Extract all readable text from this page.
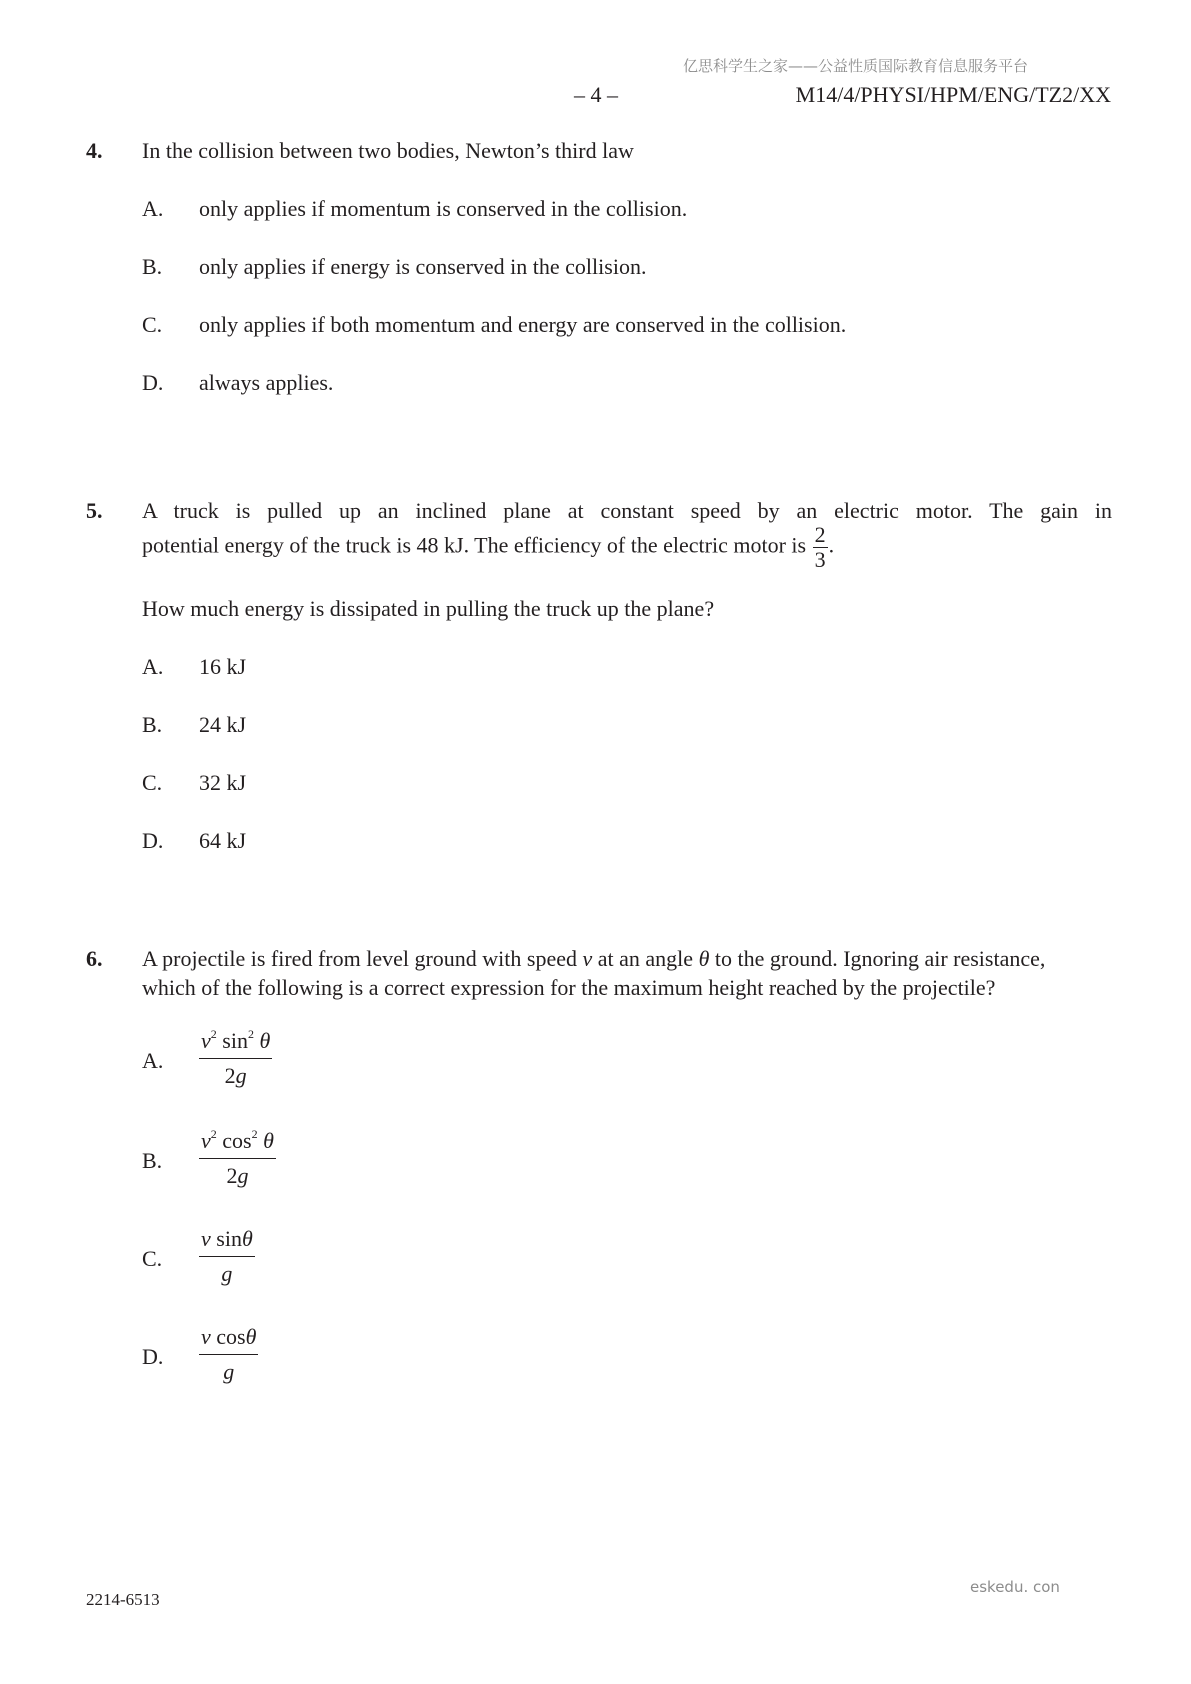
亿思科学生之家——公益性质国际教育信息服务平台
– 4 –	M14/4/PHYSI/HPM/ENG/TZ2/XX
4. In the collision between two bodies, Newton’s third law
A. only applies if momentum is conserved in the collision.
B. only applies if energy is conserved in the collision.
C. only applies if both momentum and energy are conserved in the collision.
D. always applies.
5. A truck is pulled up an inclined plane at constant speed by an electric motor. The gain in
potential energy of the truck is 48 kJ. The efficiency of the electric motor is $\frac{2}{3}$ .
How much energy is dissipated in pulling the truck up the plane?
A. 16 kJ
B. 24 kJ
C. 32 kJ
D. 64 kJ
6. A projectile is fired from level ground with speed v at an angle θ to the ground. Ignoring air resistance,
which of the following is a correct expression for the maximum height reached by the projectile?
A. $\frac{v^2 \sin^2 \theta}{2g}$
B. $\frac{v^2 \cos^2 \theta}{2g}$
C. $\frac{\text{v sinθ}}{g}$
D. $\frac{\text{v cosθ}}{g}$
2214-6513
eskedu. con
